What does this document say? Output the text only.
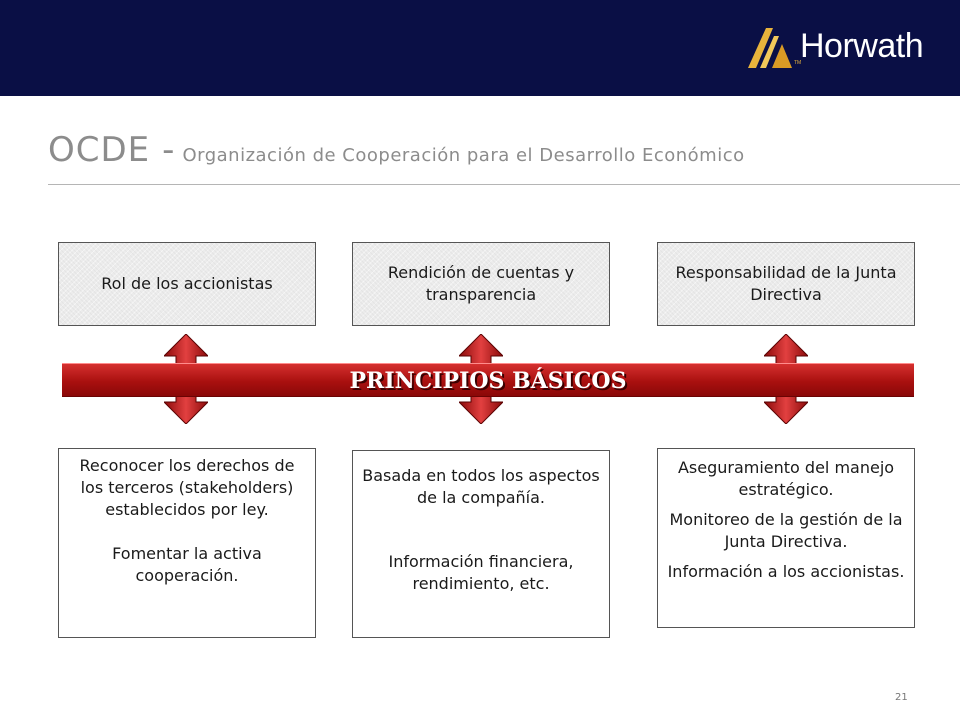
Horwath
TM
OCDE - Organización de Cooperación para el Desarrollo Económico
Rol de los accionistas
Rendición de cuentas y transparencia
Responsabilidad de la Junta Directiva
PRINCIPIOS BÁSICOS

Reconocer los derechos de los terceros (stakeholders) establecidos por ley.

Fomentar la activa cooperación.

Basada en todos los aspectos de la compañía.

Información financiera, rendimiento, etc.

Aseguramiento del manejo estratégico.

Monitoreo de la gestión de la Junta Directiva.

Información a los accionistas.

21
